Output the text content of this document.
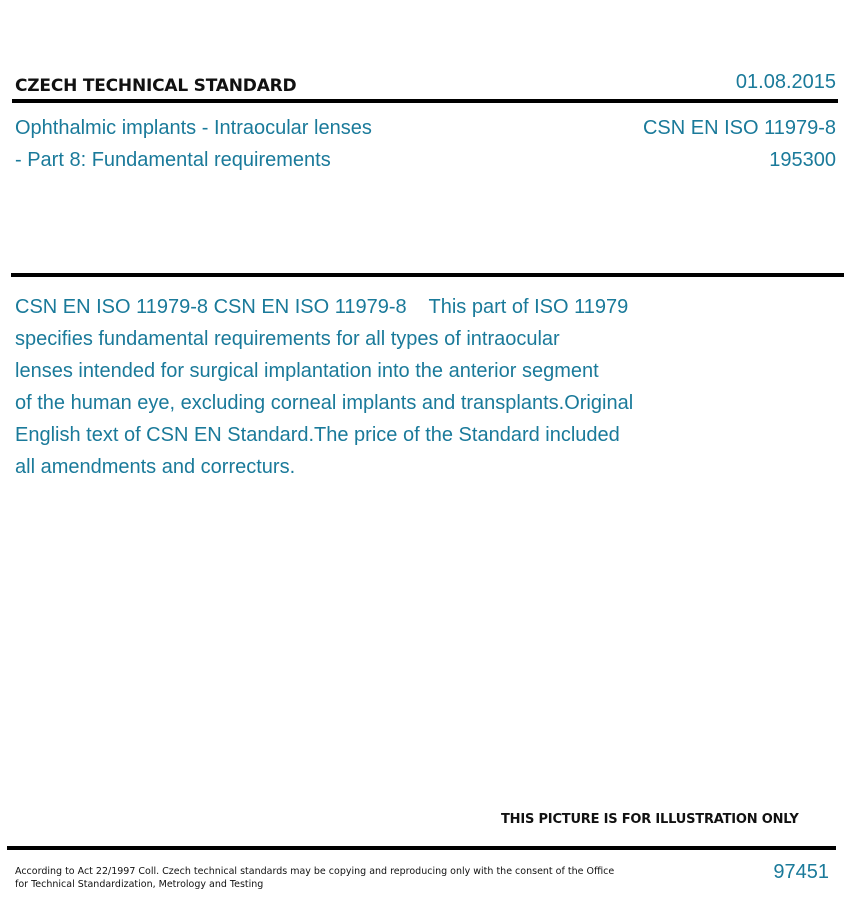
CZECH TECHNICAL STANDARD	01.08.2015
Ophthalmic implants - Intraocular lenses
- Part 8: Fundamental requirements
CSN EN ISO 11979-8
195300
CSN EN ISO 11979-8 CSN EN ISO 11979-8    This part of ISO 11979
specifies fundamental requirements for all types of intraocular
lenses intended for surgical implantation into the anterior segment
of the human eye, excluding corneal implants and transplants.Original
English text of CSN EN Standard.The price of the Standard included
all amendments and correcturs.
THIS PICTURE IS FOR ILLUSTRATION ONLY
According to Act 22/1997 Coll. Czech technical standards may be copying and reproducing only with the consent of the Office
for Technical Standardization, Metrology and Testing
97451
